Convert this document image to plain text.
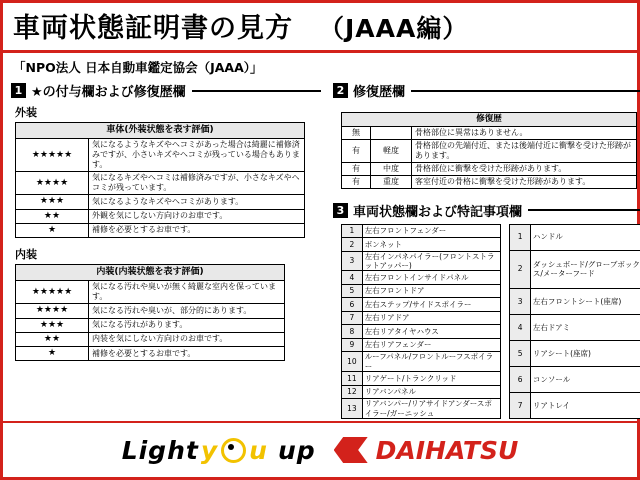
車両状態証明書の見方 （JAAA編）
「NPO法人 日本自動車鑑定協会（JAAA）」
1 ★の付与欄および修復歴欄
外装
車体(外装状態を表す評価)	
★★★★★	気になるようなキズやヘコミがあった場合は綺麗に補修済みですが、小さいキズやヘコミが残っている場合もあります。
★★★★	気になるキズやヘコミは補修済みですが、小さなキズやヘコミが残っています。
★★★	気になるようなキズやヘコミがあります。
★★	外観を気にしない方向けのお車です。
★	補修を必要とするお車です。
内装
内装(内装状態を表す評価)	
★★★★★	気になる汚れや臭いが無く綺麗な室内を保っています。
★★★★	気になる汚れや臭いが、部分的にあります。
★★★	気になる汚れがあります。
★★	内装を気にしない方向けのお車です。
★	補修を必要とするお車です。
2 修復歴欄
修復歴		
無		骨格部位に異常はありません。
有	軽度	骨格部位の先端付近、または後端付近に衝撃を受けた形跡があります。
有	中度	骨格部位に衝撃を受けた形跡があります。
有	重度	客室付近の骨格に衝撃を受けた形跡があります。
3 車両状態欄および特記事項欄
1	左右フロントフェンダー
2	ボンネット
3	左右インパネパイラー(フロントストラットアッパー)
4	左右フロントインサイドパネル
5	左右フロントドア
6	左右ステップ/サイドスポイラー
7	左右リアドア
8	左右リアタイヤハウス
9	左右リアフェンダー
10	ルーフパネル/フロントルーフスポイラー
11	リアゲート/トランクリッド
12	リアバンパネル
13	リアバンパー/リアサイドアンダースポイラー/ガーニッシュ
1	ハンドル
2	ダッシュボード/グローブボックス/メーターフード
3	左右フロントシート(座席)
4	左右ドアミ
5	リアシート(座席)
6	コンソール
7	リアトレイ
Light y u up DAIHATSU
